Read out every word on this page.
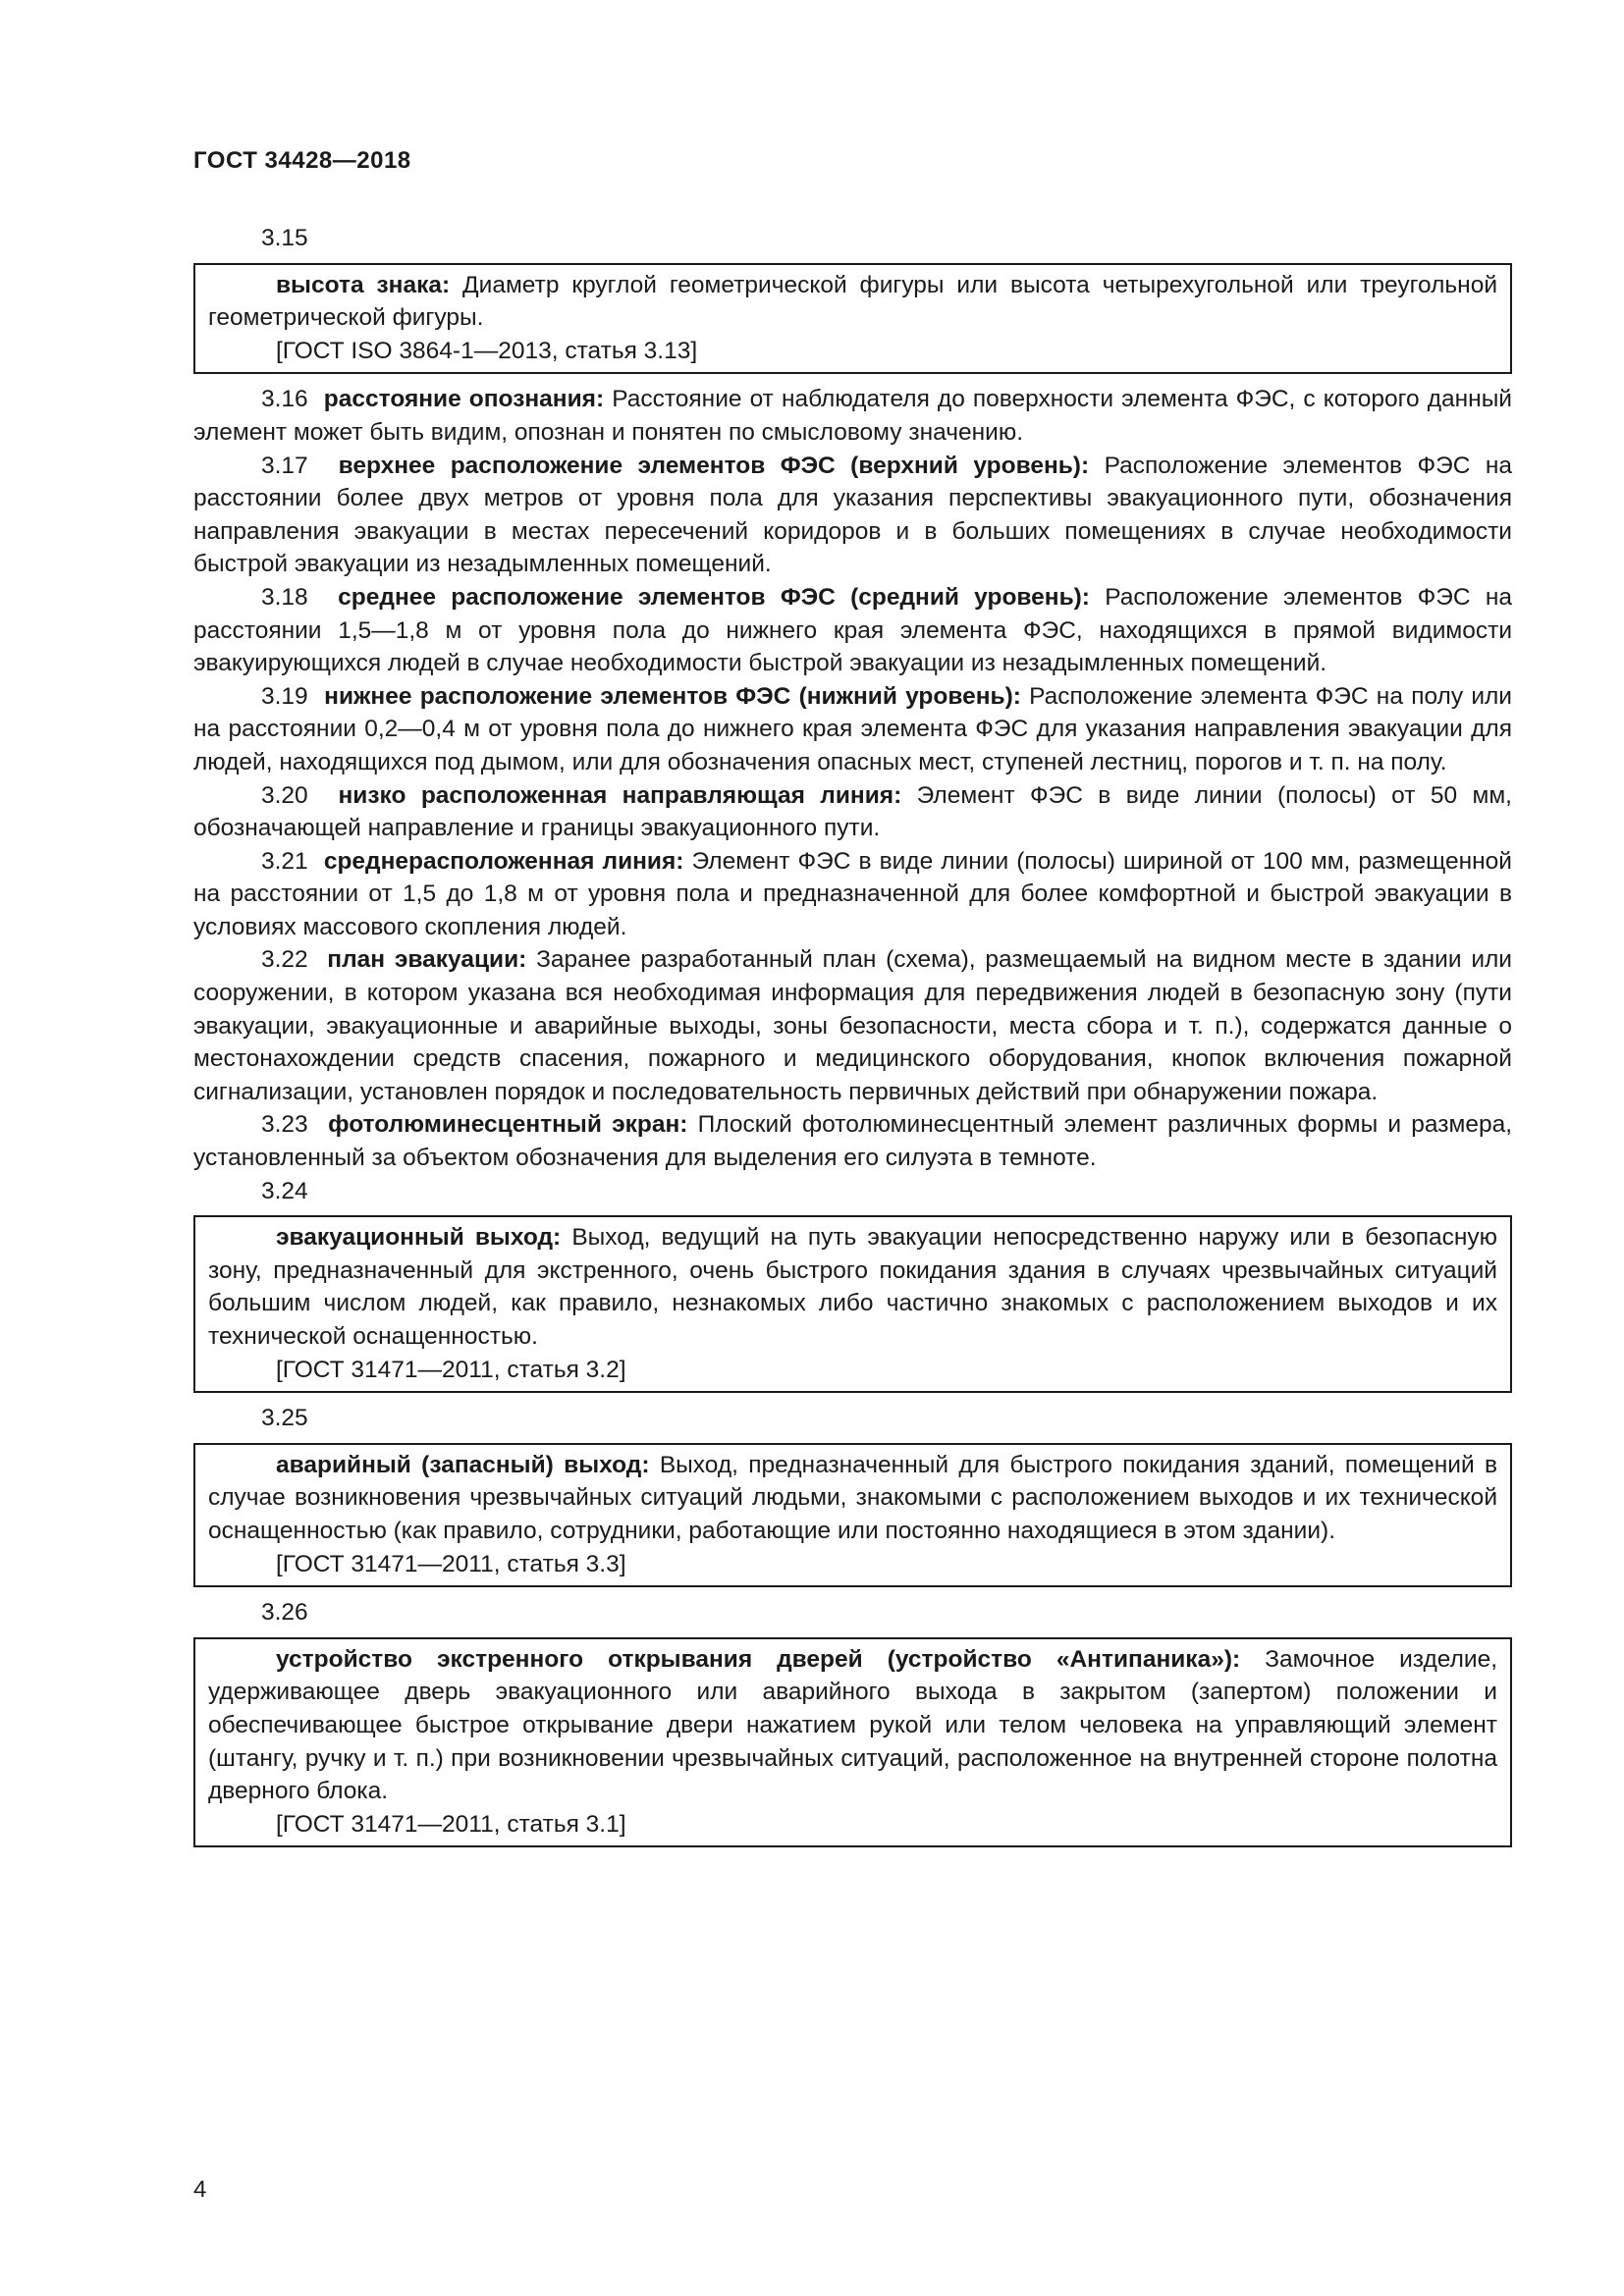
ГОСТ 34428—2018
3.15

высота знака: Диаметр круглой геометрической фигуры или высота четырехугольной или треугольной геометрической фигуры.

[ГОСТ ISO 3864-1—2013, статья 3.13]

3.16 расстояние опознания: Расстояние от наблюдателя до поверхности элемента ФЭС, с которого данный элемент может быть видим, опознан и понятен по смысловому значению.

3.17 верхнее расположение элементов ФЭС (верхний уровень): Расположение элементов ФЭС на расстоянии более двух метров от уровня пола для указания перспективы эвакуационного пути, обозначения направления эвакуации в местах пересечений коридоров и в больших помещениях в случае необходимости быстрой эвакуации из незадымленных помещений.

3.18 среднее расположение элементов ФЭС (средний уровень): Расположение элементов ФЭС на расстоянии 1,5—1,8 м от уровня пола до нижнего края элемента ФЭС, находящихся в прямой видимости эвакуирующихся людей в случае необходимости быстрой эвакуации из незадымленных помещений.

3.19 нижнее расположение элементов ФЭС (нижний уровень): Расположение элемента ФЭС на полу или на расстоянии 0,2—0,4 м от уровня пола до нижнего края элемента ФЭС для указания направления эвакуации для людей, находящихся под дымом, или для обозначения опасных мест, ступеней лестниц, порогов и т. п. на полу.

3.20 низко расположенная направляющая линия: Элемент ФЭС в виде линии (полосы) от 50 мм, обозначающей направление и границы эвакуационного пути.

3.21 среднерасположенная линия: Элемент ФЭС в виде линии (полосы) шириной от 100 мм, размещенной на расстоянии от 1,5 до 1,8 м от уровня пола и предназначенной для более комфортной и быстрой эвакуации в условиях массового скопления людей.

3.22 план эвакуации: Заранее разработанный план (схема), размещаемый на видном месте в здании или сооружении, в котором указана вся необходимая информация для передвижения людей в безопасную зону (пути эвакуации, эвакуационные и аварийные выходы, зоны безопасности, места сбора и т. п.), содержатся данные о местонахождении средств спасения, пожарного и медицинского оборудования, кнопок включения пожарной сигнализации, установлен порядок и последовательность первичных действий при обнаружении пожара.

3.23 фотолюминесцентный экран: Плоский фотолюминесцентный элемент различных формы и размера, установленный за объектом обозначения для выделения его силуэта в темноте.

3.24

эвакуационный выход: Выход, ведущий на путь эвакуации непосредственно наружу или в безопасную зону, предназначенный для экстренного, очень быстрого покидания здания в случаях чрезвычайных ситуаций большим числом людей, как правило, незнакомых либо частично знакомых с расположением выходов и их технической оснащенностью.

[ГОСТ 31471—2011, статья 3.2]

3.25

аварийный (запасный) выход: Выход, предназначенный для быстрого покидания зданий, помещений в случае возникновения чрезвычайных ситуаций людьми, знакомыми с расположением выходов и их технической оснащенностью (как правило, сотрудники, работающие или постоянно находящиеся в этом здании).

[ГОСТ 31471—2011, статья 3.3]

3.26

устройство экстренного открывания дверей (устройство «Антипаника»): Замочное изделие, удерживающее дверь эвакуационного или аварийного выхода в закрытом (запертом) положении и обеспечивающее быстрое открывание двери нажатием рукой или телом человека на управляющий элемент (штангу, ручку и т. п.) при возникновении чрезвычайных ситуаций, расположенное на внутренней стороне полотна дверного блока.

[ГОСТ 31471—2011, статья 3.1]

4
